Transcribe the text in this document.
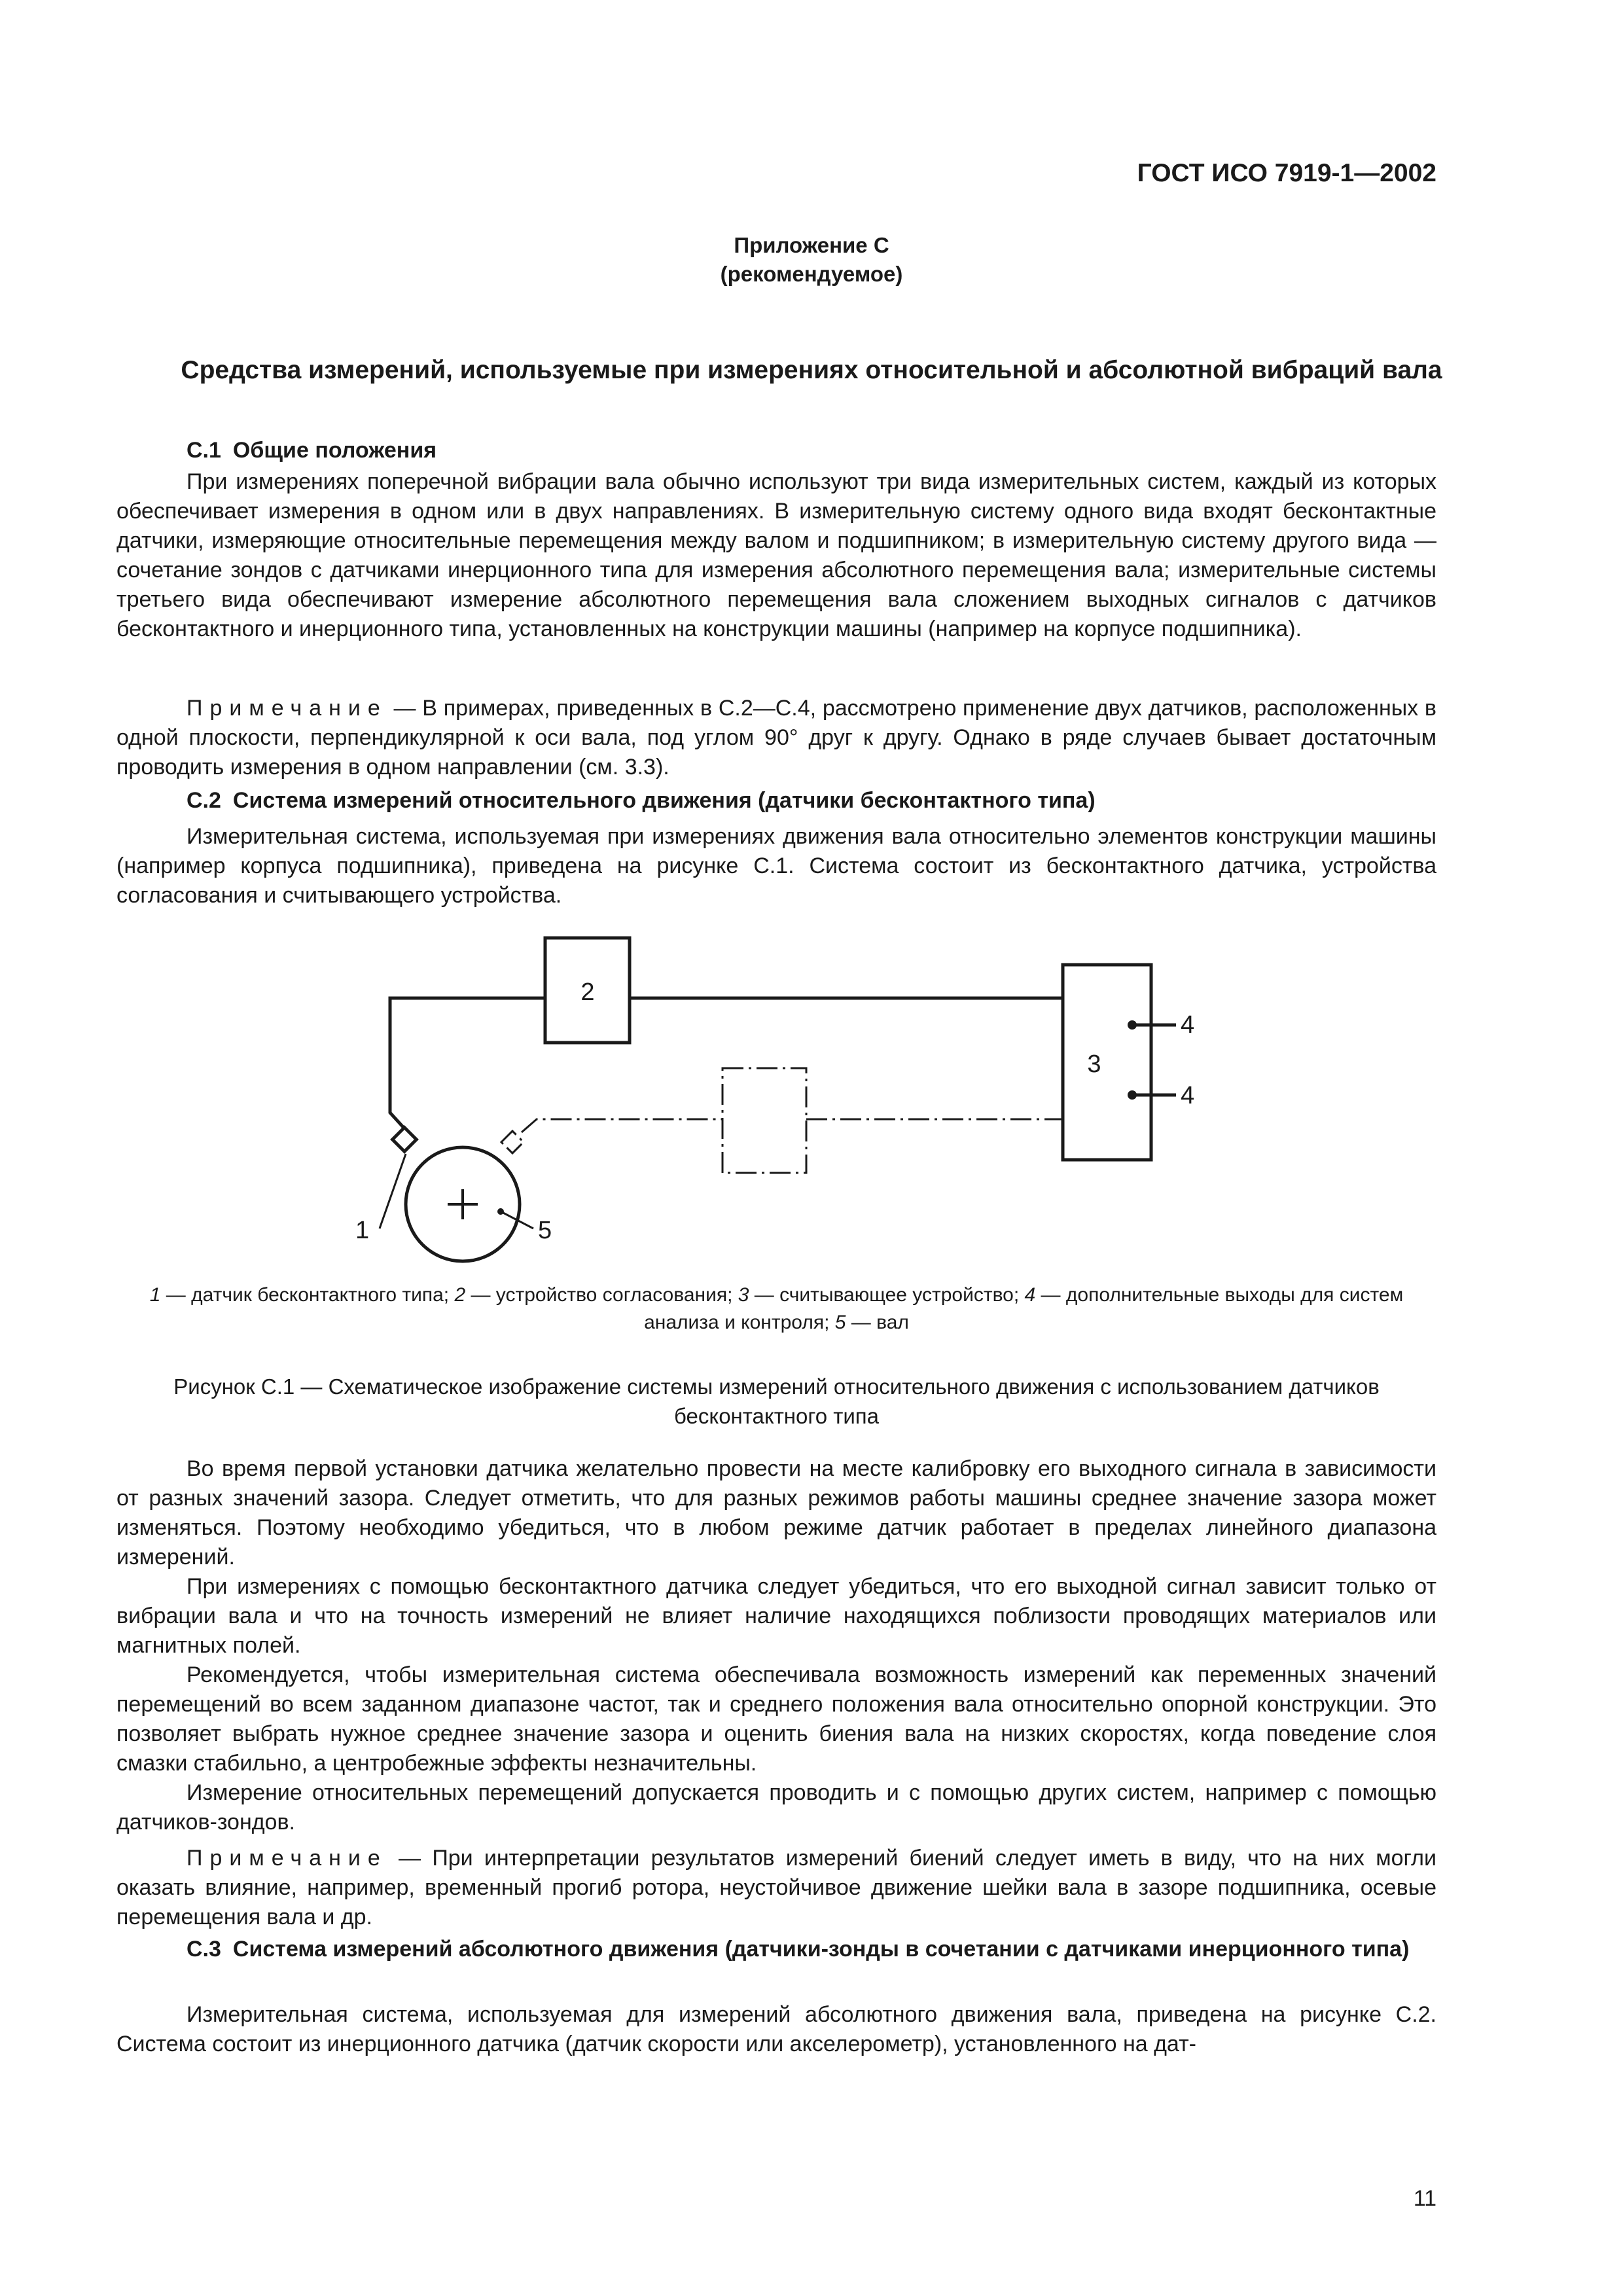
ГОСТ ИСО 7919-1—2002
Приложение С
(рекомендуемое)
Средства измерений, используемые при измерениях относительной и абсолютной вибраций вала
С.1 Общие положения
При измерениях поперечной вибрации вала обычно используют три вида измерительных систем, каждый из которых обеспечивает измерения в одном или в двух направлениях. В измерительную систему одного вида входят бесконтактные датчики, измеряющие относительные перемещения между валом и подшипником; в измерительную систему другого вида — сочетание зондов с датчиками инерционного типа для измерения абсолютного перемещения вала; измерительные системы третьего вида обеспечивают измерение абсолютного перемещения вала сложением выходных сигналов с датчиков бесконтактного и инерционного типа, установленных на конструкции машины (например на корпусе подшипника).
Примечание — В примерах, приведенных в С.2—С.4, рассмотрено применение двух датчиков, расположенных в одной плоскости, перпендикулярной к оси вала, под углом 90° друг к другу. Однако в ряде случаев бывает достаточным проводить измерения в одном направлении (см. 3.3).
С.2 Система измерений относительного движения (датчики бесконтактного типа)
Измерительная система, используемая при измерениях движения вала относительно элементов конструкции машины (например корпуса подшипника), приведена на рисунке С.1. Система состоит из бесконтактного датчика, устройства согласования и считывающего устройства.
2
3
4
4
1	5
1 — датчик бесконтактного типа; 2 — устройство согласования; 3 — считывающее устройство; 4 — дополнительные выходы для систем анализа и контроля; 5 — вал
Рисунок С.1 — Схематическое изображение системы измерений относительного движения с использованием датчиков бесконтактного типа
Во время первой установки датчика желательно провести на месте калибровку его выходного сигнала в зависимости от разных значений зазора. Следует отметить, что для разных режимов работы машины среднее значение зазора может изменяться. Поэтому необходимо убедиться, что в любом режиме датчик работает в пределах линейного диапазона измерений.
При измерениях с помощью бесконтактного датчика следует убедиться, что его выходной сигнал зависит только от вибрации вала и что на точность измерений не влияет наличие находящихся поблизости проводящих материалов или магнитных полей.
Рекомендуется, чтобы измерительная система обеспечивала возможность измерений как переменных значений перемещений во всем заданном диапазоне частот, так и среднего положения вала относительно опорной конструкции. Это позволяет выбрать нужное среднее значение зазора и оценить биения вала на низких скоростях, когда поведение слоя смазки стабильно, а центробежные эффекты незначительны.
Измерение относительных перемещений допускается проводить и с помощью других систем, например с помощью датчиков-зондов.
Примечание — При интерпретации результатов измерений биений следует иметь в виду, что на них могли оказать влияние, например, временный прогиб ротора, неустойчивое движение шейки вала в зазоре подшипника, осевые перемещения вала и др.
С.3 Система измерений абсолютного движения (датчики-зонды в сочетании с датчиками инерционного типа)
Измерительная система, используемая для измерений абсолютного движения вала, приведена на рисунке С.2. Система состоит из инерционного датчика (датчик скорости или акселерометр), установленного на дат-
11
